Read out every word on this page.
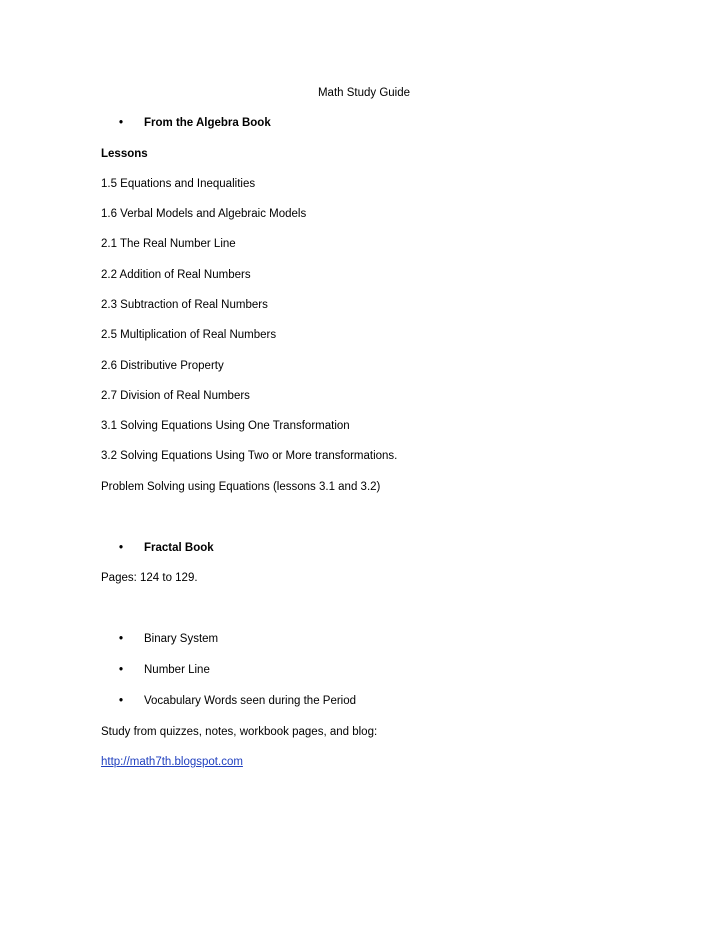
Math Study Guide
• From the Algebra Book
Lessons
1.5 Equations and Inequalities
1.6 Verbal Models and Algebraic Models
2.1 The Real Number Line
2.2 Addition of Real Numbers
2.3 Subtraction of Real Numbers
2.5 Multiplication of Real Numbers
2.6 Distributive Property
2.7 Division of Real Numbers
3.1 Solving Equations Using One Transformation
3.2 Solving Equations Using Two or More transformations.
Problem Solving using Equations (lessons 3.1 and 3.2)
• Fractal Book
Pages: 124 to 129.
• Binary System
• Number Line
• Vocabulary Words seen during the Period
Study from quizzes, notes, workbook pages, and blog:
http://math7th.blogspot.com
